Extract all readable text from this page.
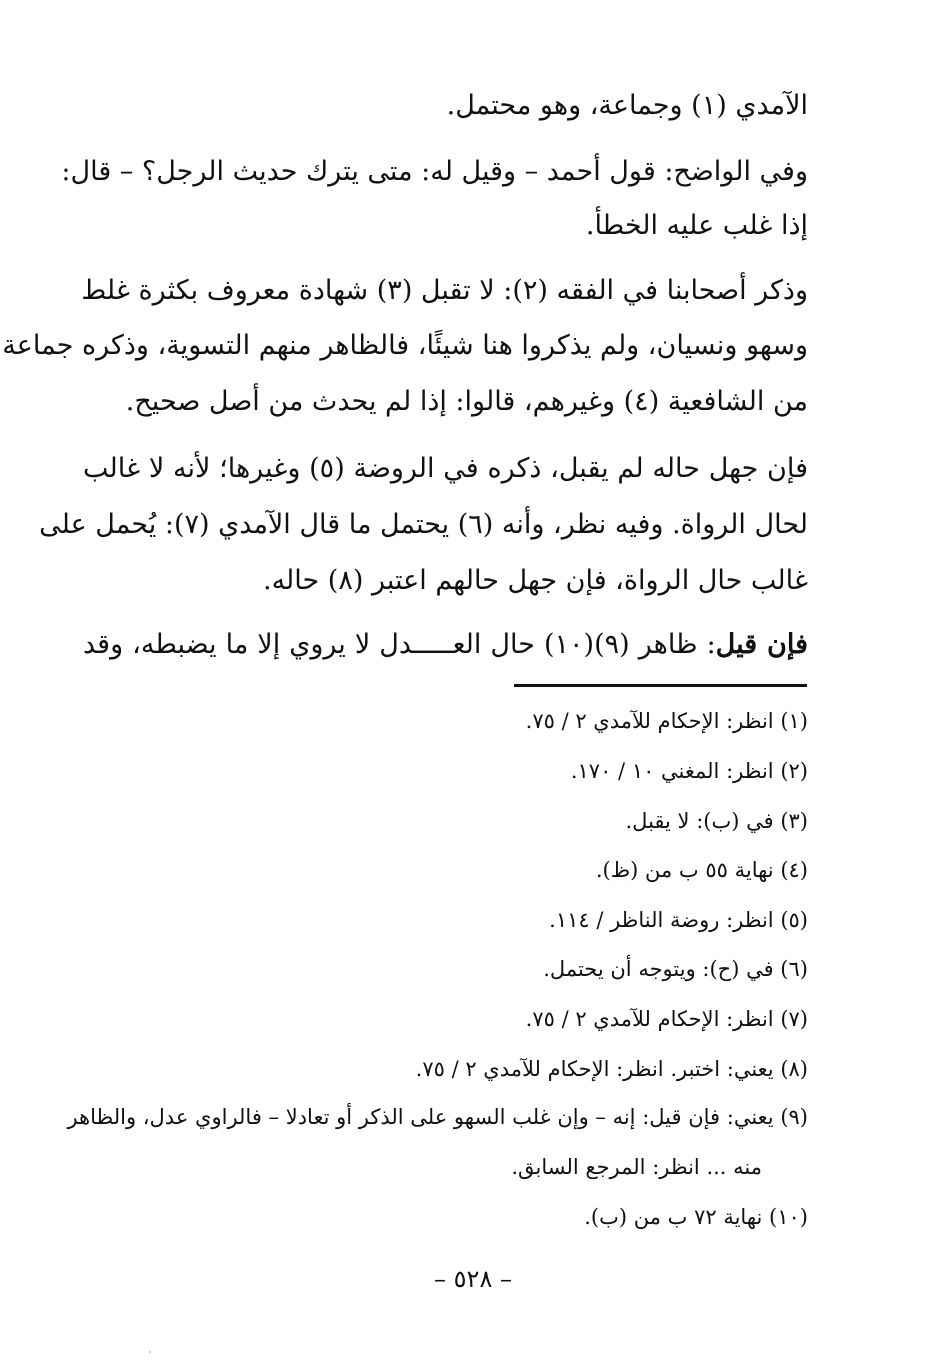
الآمدي (١) وجماعة، وهو محتمل.
وفي الواضح: قول أحمد – وقيل له: متى يترك حديث الرجل؟ – قال:
إذا غلب عليه الخطأ.
وذكر أصحابنا في الفقه (٢): لا تقبل (٣) شهادة معروف بكثرة غلط
وسهو ونسيان، ولم يذكروا هنا شيئًا، فالظاهر منهم التسوية، وذكره جماعة
من الشافعية (٤) وغيرهم، قالوا: إذا لم يحدث من أصل صحيح.
فإن جهل حاله لم يقبل، ذكره في الروضة (٥) وغيرها؛ لأنه لا غالب
لحال الرواة. وفيه نظر، وأنه (٦) يحتمل ما قال الآمدي (٧): يُحمل على
غالب حال الرواة، فإن جهل حالهم اعتبر (٨) حاله.
فإن قيل: ظاهر (٩)(١٠) حال العـــــدل لا يروي إلا ما يضبطه، وقد
(١) انظر: الإحكام للآمدي ٢ / ٧٥.
(٢) انظر: المغني ١٠ / ١٧٠.
(٣) في (ب): لا يقبل.
(٤) نهاية ٥٥ ب من (ظ).
(٥) انظر: روضة الناظر / ١١٤.
(٦) في (ح): ويتوجه أن يحتمل.
(٧) انظر: الإحكام للآمدي ٢ / ٧٥.
(٨) يعني: اختبر. انظر: الإحكام للآمدي ٢ / ٧٥.
(٩) يعني: فإن قيل: إنه – وإن غلب السهو على الذكر أو تعادلا – فالراوي عدل، والظاهر
منه ... انظر: المرجع السابق.
(١٠) نهاية ٧٢ ب من (ب).
– ٥٢٨ –
